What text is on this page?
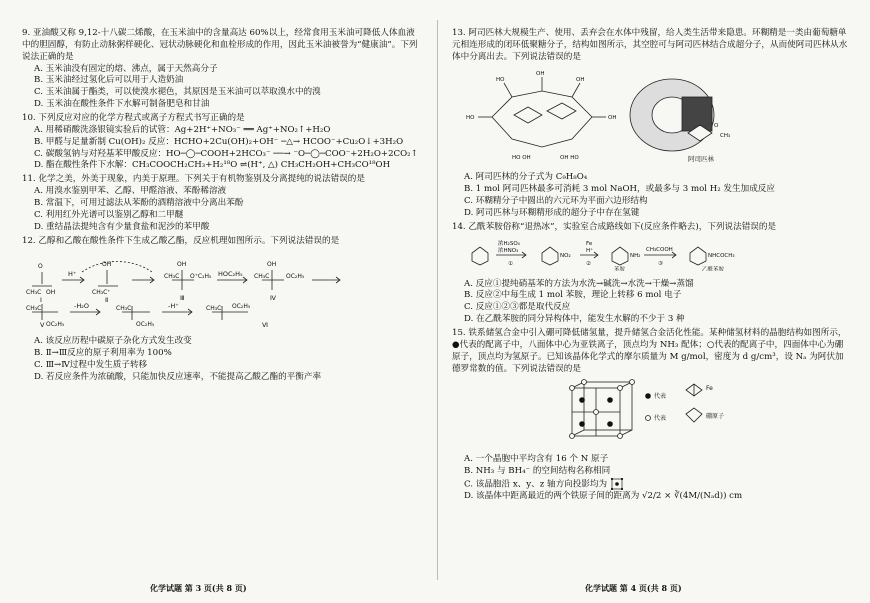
9. 亚油酸又称 9,12-十八碳二烯酸，在玉米油中的含量高达 60%以上，经常食用玉米油可降低人体血液中的胆固醇，有防止动脉粥样硬化、冠状动脉硬化和血栓形成的作用，因此玉米油被誉为“健康油”。下列说法正确的是

A. 玉米油没有固定的熔、沸点，属于天然高分子

B. 玉米油经过氢化后可以用于人造奶油

C. 玉米油属于酯类，可以使溴水褪色，其原因是玉米油可以萃取溴水中的溴

D. 玉米油在酸性条件下水解可制备肥皂和甘油

10. 下列反应对应的化学方程式或离子方程式书写正确的是

A. 用稀硝酸洗涤银镜实验后的试管：Ag+2H⁺+NO₃⁻ ══ Ag⁺+NO₂↑+H₂O

B. 甲醛与足量新制 Cu(OH)₂ 反应：HCHO+2Cu(OH)₂+OH⁻ ─△→ HCOO⁻+Cu₂O↓+3H₂O

C. 碳酸氢钠与对羟基苯甲酸反应：HO─◯─COOH+2HCO₃⁻ ──→ ⁻O─◯─COO⁻+2H₂O+2CO₂↑

D. 酯在酸性条件下水解：CH₃COOCH₂CH₃+H₂¹⁸O ⇌(H⁺, △) CH₃CH₂OH+CH₃CO¹⁸OH

11. 化学之美，外美于现象，内美于原理。下列关于有机物鉴别及分离提纯的说法错误的是

A. 用溴水鉴别甲苯、乙醇、甲醛溶液、苯酚稀溶液

B. 常温下，可用过滤法从苯酚的酒精溶液中分离出苯酚

C. 利用红外光谱可以鉴别乙醇和二甲醚

D. 重结晶法提纯含有少量食盐和泥沙的苯甲酸

12. 乙醇和乙酸在酸性条件下生成乙酸乙酯，反应机理如图所示。下列说法错误的是

O
CH₃C OH
OH
CH₃C⁺
OH
CH₃C O⁺C₂H₅
OH
CH₃C	OC₂H₅
CH₃C
OC₂H₅
CH₃C
OC₂H₅
CH₃C OC₂H₅
Ⅰ	Ⅱ	Ⅲ	Ⅳ
Ⅴ	Ⅵ
H⁺	HOC₂H₅
-H₂O	-H⁺

A. 该反应历程中碳原子杂化方式发生改变

B. Ⅱ→Ⅲ反应的原子利用率为 100%

C. Ⅲ→Ⅳ过程中发生质子转移

D. 若反应条件为浓硫酸，只能加快反应速率，不能提高乙酸乙酯的平衡产率

13. 阿司匹林大规模生产、使用、丢弃会在水体中残留，给人类生活带来隐患。环糊精是一类由葡萄糖单元相连形成的闭环低聚糖分子，结构如图所示，其空腔可与阿司匹林结合成超分子，从而使阿司匹林从水体中分离出去。下列说法错误的是

HO
OH
OH
HO	OH
HO OH	OH HO
O
CH₃
阿司匹林

A. 阿司匹林的分子式为 C₉H₈O₄

B. 1 mol 阿司匹林最多可消耗 3 mol NaOH，或最多与 3 mol H₂ 发生加成反应

C. 环糊精分子中圆出的六元环为平面六边形结构

D. 阿司匹林与环糊精形成的超分子中存在氢键

14. 乙酰苯胺俗称“退热冰”，实验室合成路线如下(反应条件略去)，下列说法错误的是

NO₂	NH₂	NHCOCH₃
浓H₂SO₄
浓HNO₃
Fe
H⁺	CH₃COOH
①	②	③
苯胺	乙酰苯胺

A. 反应①提纯硝基苯的方法为水洗→碱洗→水洗→干燥→蒸馏

B. 反应②中每生成 1 mol 苯胺，理论上转移 6 mol 电子

C. 反应①②③都是取代反应

D. 在乙酰苯胺的同分异构体中，能发生水解的不少于 3 种

15. 铁系储氢合金中引入硼可降低储氢量，提升储氢合金活化性能。某种储氢材料的晶胞结构如图所示，●代表的配离子中，八面体中心为亚铁离子，顶点均为 NH₃ 配体；○代表的配离子中，四面体中心为硼原子，顶点均为氢原子。已知该晶体化学式的摩尔质量为 M g/mol，密度为 d g/cm³，设 Nₐ 为阿伏加德罗常数的值。下列说法错误的是

代表
代表
Fe
硼原子

A. 一个晶胞中平均含有 16 个 N 原子

B. NH₃ 与 BH₄⁻ 的空间结构名称相同

C. 该晶胞沿 x、y、z 轴方向投影均为

D. 该晶体中距离最近的两个铁原子间的距离为 √2/2 × ∛(4M/(Nₐd)) cm

化学试题 第 3 页(共 8 页)	化学试题 第 4 页(共 8 页)
